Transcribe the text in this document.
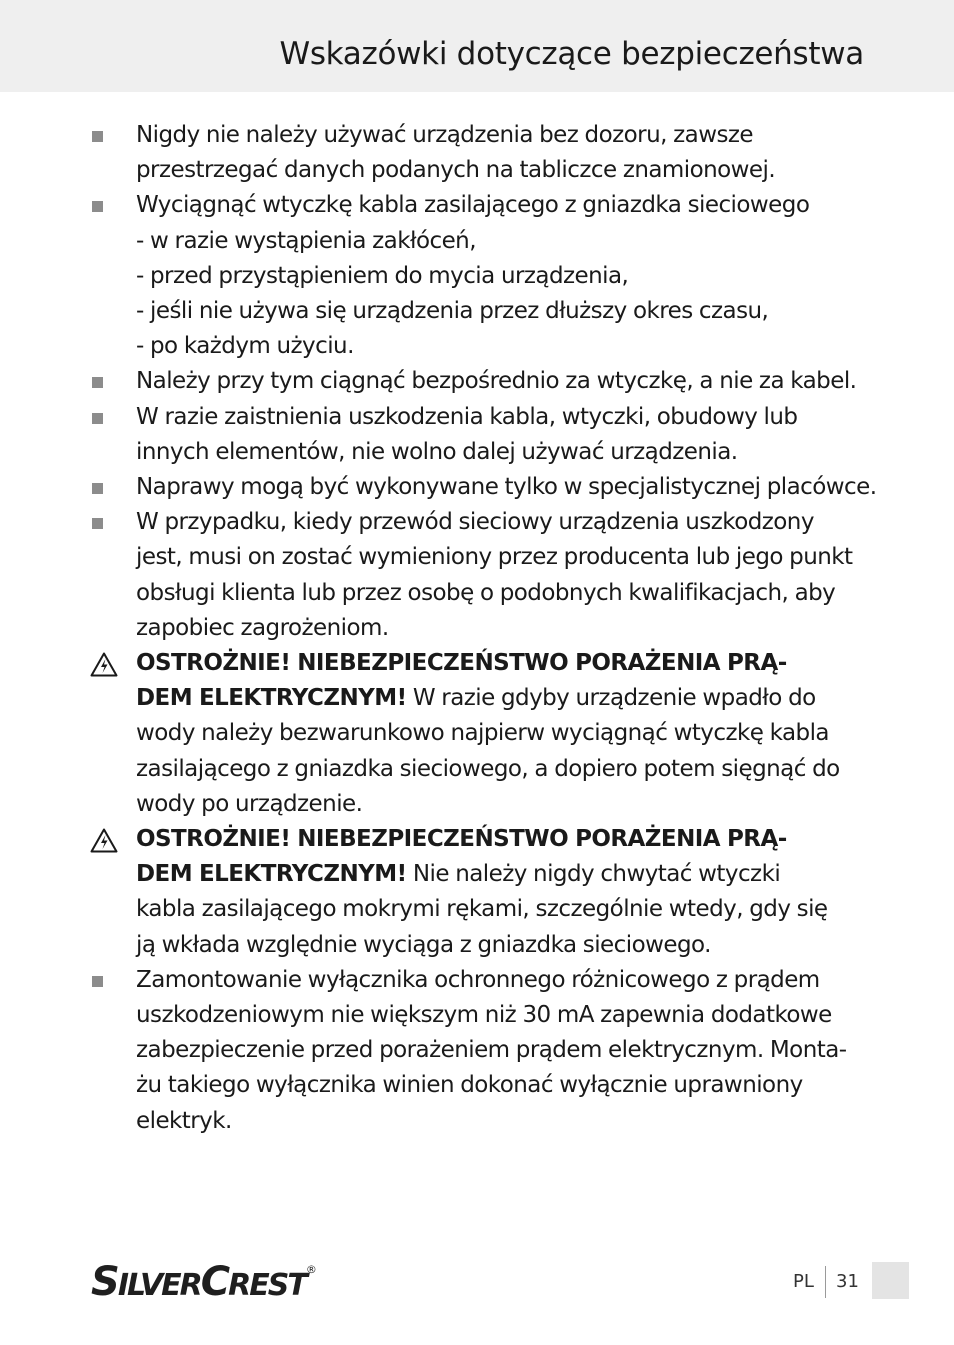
Wskazówki dotyczące bezpieczeństwa
Nigdy nie należy używać urządzenia bez dozoru, zawsze
przestrzegać danych podanych na tabliczce znamionowej.
Wyciągnąć wtyczkę kabla zasilającego z gniazdka sieciowego
- w razie wystąpienia zakłóceń,
- przed przystąpieniem do mycia urządzenia,
- jeśli nie używa się urządzenia przez dłuższy okres czasu,
- po każdym użyciu.
Należy przy tym ciągnąć bezpośrednio za wtyczkę, a nie za kabel.
W razie zaistnienia uszkodzenia kabla, wtyczki, obudowy lub
innych elementów, nie wolno dalej używać urządzenia.
Naprawy mogą być wykonywane tylko w specjalistycznej placówce.
W przypadku, kiedy przewód sieciowy urządzenia uszkodzony
jest, musi on zostać wymieniony przez producenta lub jego punkt
obsługi klienta lub przez osobę o podobnych kwalifikacjach, aby
zapobiec zagrożeniom.
OSTROŻNIE! NIEBEZPIECZEŃSTWO PORAŻENIA PRĄ-
DEM ELEKTRYCZNYM! W razie gdyby urządzenie wpadło do
wody należy bezwarunkowo najpierw wyciągnąć wtyczkę kabla
zasilającego z gniazdka sieciowego, a dopiero potem sięgnąć do
wody po urządzenie.
OSTROŻNIE! NIEBEZPIECZEŃSTWO PORAŻENIA PRĄ-
DEM ELEKTRYCZNYM! Nie należy nigdy chwytać wtyczki
kabla zasilającego mokrymi rękami, szczególnie wtedy, gdy się
ją wkłada względnie wyciąga z gniazdka sieciowego.
Zamontowanie wyłącznika ochronnego różnicowego z prądem
uszkodzeniowym nie większym niż 30 mA zapewnia dodatkowe
zabezpieczenie przed porażeniem prądem elektrycznym. Monta-
żu takiego wyłącznika winien dokonać wyłącznie uprawniony
elektryk.
SILVERCREST®
PL 31
